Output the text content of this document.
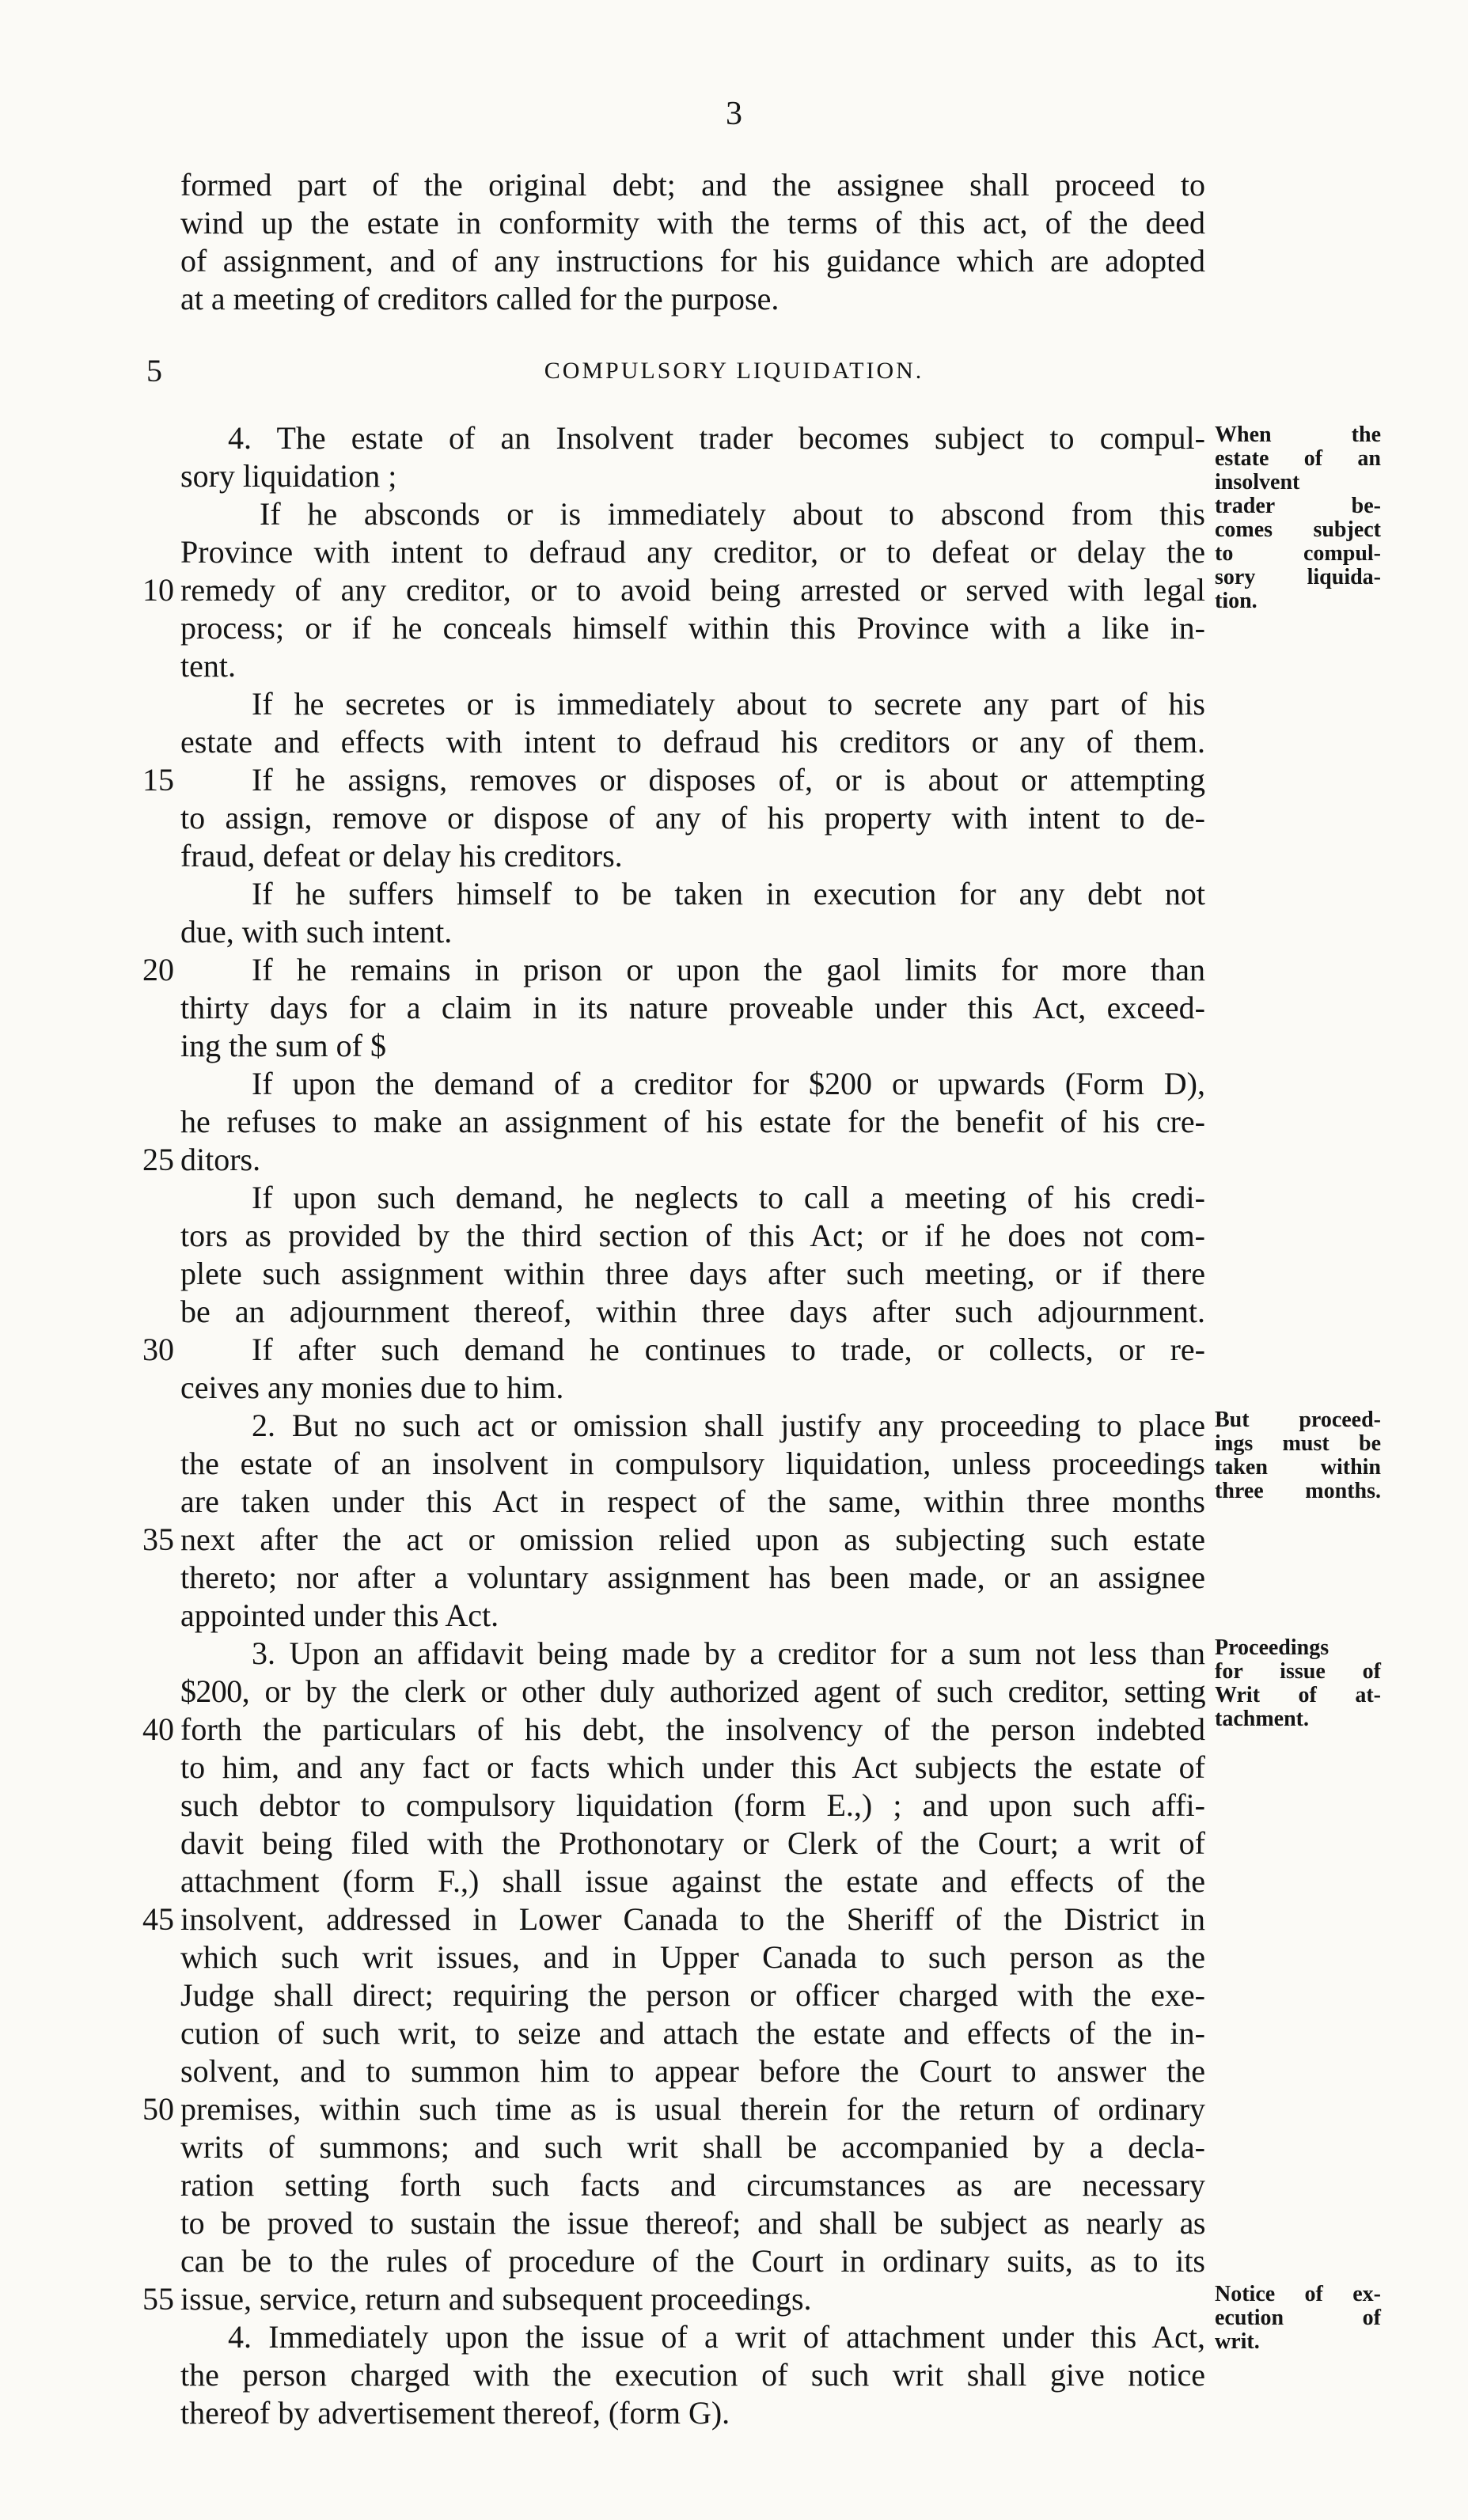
3
formed part of the original debt; and the assignee shall proceed to
wind up the estate in conformity with the terms of this act, of the deed
of assignment, and of any instructions for his guidance which are adopted
at a meeting of creditors called for the purpose.
5	COMPULSORY LIQUIDATION.
4. The estate of an Insolvent trader becomes subject to compul-
sory liquidation ;
If he absconds or is immediately about to abscond from this
Province with intent to defraud any creditor, or to defeat or delay the
remedy of any creditor, or to avoid being arrested or served with legal
process; or if he conceals himself within this Province with a like in-
tent.
If he secretes or is immediately about to secrete any part of his
estate and effects with intent to defraud his creditors or any of them.
If he assigns, removes or disposes of, or is about or attempting
to assign, remove or dispose of any of his property with intent to de-
fraud, defeat or delay his creditors.
If he suffers himself to be taken in execution for any debt not
due, with such intent.
If he remains in prison or upon the gaol limits for more than
thirty days for a claim in its nature proveable under this Act, exceed-
ing the sum of $
If upon the demand of a creditor for $200 or upwards (Form D),
he refuses to make an assignment of his estate for the benefit of his cre-
ditors.
If upon such demand, he neglects to call a meeting of his credi-
tors as provided by the third section of this Act; or if he does not com-
plete such assignment within three days after such meeting, or if there
be an adjournment thereof, within three days after such adjournment.
If after such demand he continues to trade, or collects, or re-
ceives any monies due to him.
2. But no such act or omission shall justify any proceeding to place
the estate of an insolvent in compulsory liquidation, unless proceedings
are taken under this Act in respect of the same, within three months
next after the act or omission relied upon as subjecting such estate
thereto; nor after a voluntary assignment has been made, or an assignee
appointed under this Act.
3. Upon an affidavit being made by a creditor for a sum not less than
$200, or by the clerk or other duly authorized agent of such creditor, setting
forth the particulars of his debt, the insolvency of the person indebted
to him, and any fact or facts which under this Act subjects the estate of
such debtor to compulsory liquidation (form E.,) ; and upon such affi-
davit being filed with the Prothonotary or Clerk of the Court; a writ of
attachment (form F.,) shall issue against the estate and effects of the
insolvent, addressed in Lower Canada to the Sheriff of the District in
which such writ issues, and in Upper Canada to such person as the
Judge shall direct; requiring the person or officer charged with the exe-
cution of such writ, to seize and attach the estate and effects of the in-
solvent, and to summon him to appear before the Court to answer the
premises, within such time as is usual therein for the return of ordinary
writs of summons; and such writ shall be accompanied by a decla-
ration setting forth such facts and circumstances as are necessary
to be proved to sustain the issue thereof; and shall be subject as nearly as
can be to the rules of procedure of the Court in ordinary suits, as to its
issue, service, return and subsequent proceedings.
4. Immediately upon the issue of a writ of attachment under this Act,
the person charged with the execution of such writ shall give notice
thereof by advertisement thereof, (form G).
10
15
20
25
30
35
40
45
50
55
When the
estate of an
insolvent
trader be-
comes subject
to compul-
sory liquida-
tion.
But proceed-
ings must be
taken within
three months.
Proceedings
for issue of
Writ of at-
tachment.
Notice of ex-
ecution of
writ.
